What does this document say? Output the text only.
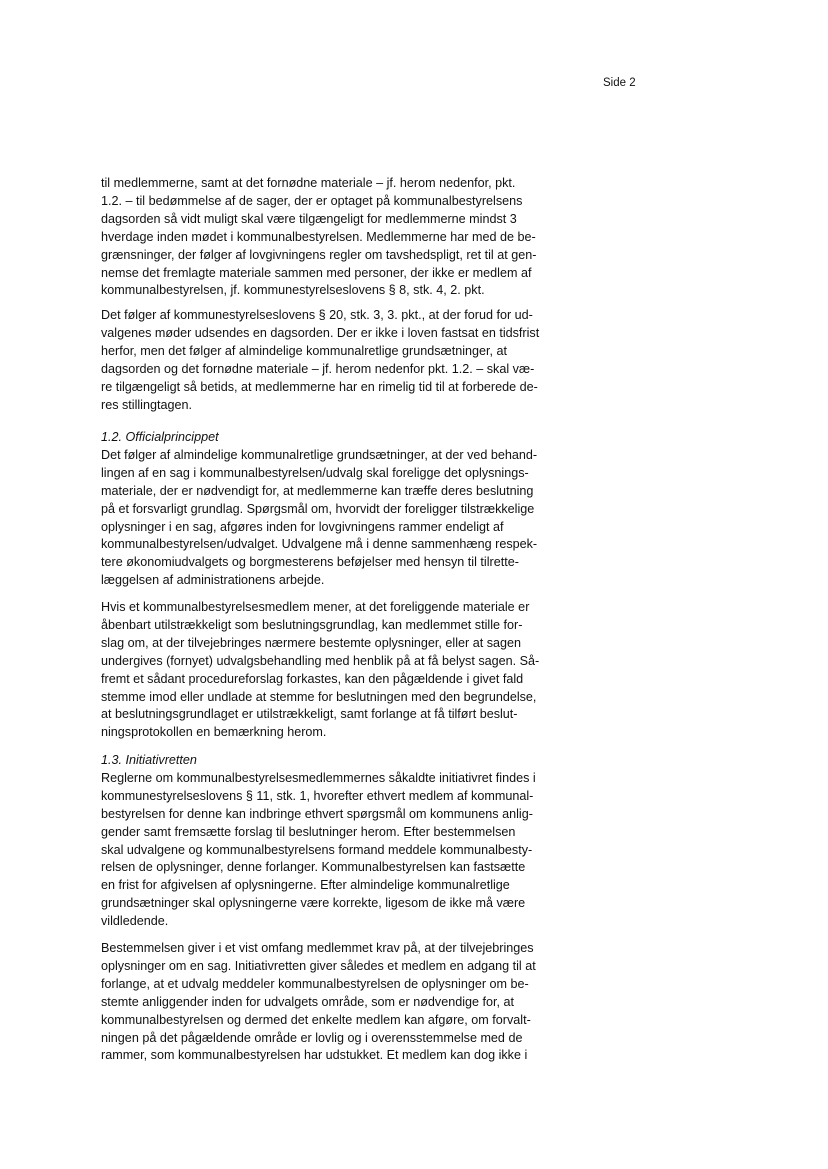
Side 2
til medlemmerne, samt at det fornødne materiale – jf. herom nedenfor, pkt.
1.2. – til bedømmelse af de sager, der er optaget på kommunalbestyrelsens
dagsorden så vidt muligt skal være tilgængeligt for medlemmerne mindst 3
hverdage inden mødet i kommunalbestyrelsen. Medlemmerne har med de be-
grænsninger, der følger af lovgivningens regler om tavshedspligt, ret til at gen-
nemse det fremlagte materiale sammen med personer, der ikke er medlem af
kommunalbestyrelsen, jf. kommunestyrelseslovens § 8, stk. 4, 2. pkt.
Det følger af kommunestyrelseslovens § 20, stk. 3, 3. pkt., at der forud for ud-
valgenes møder udsendes en dagsorden. Der er ikke i loven fastsat en tidsfrist
herfor, men det følger af almindelige kommunalretlige grundsætninger, at
dagsorden og det fornødne materiale – jf. herom nedenfor pkt. 1.2. – skal væ-
re tilgængeligt så betids, at medlemmerne har en rimelig tid til at forberede de-
res stillingtagen.
1.2. Officialprincippet
Det følger af almindelige kommunalretlige grundsætninger, at der ved behand-
lingen af en sag i kommunalbestyrelsen/udvalg skal foreligge det oplysnings-
materiale, der er nødvendigt for, at medlemmerne kan træffe deres beslutning
på et forsvarligt grundlag. Spørgsmål om, hvorvidt der foreligger tilstrækkelige
oplysninger i en sag, afgøres inden for lovgivningens rammer endeligt af
kommunalbestyrelsen/udvalget. Udvalgene må i denne sammenhæng respek-
tere økonomiudvalgets og borgmesterens beføjelser med hensyn til tilrette-
læggelsen af administrationens arbejde.
Hvis et kommunalbestyrelsesmedlem mener, at det foreliggende materiale er
åbenbart utilstrækkeligt som beslutningsgrundlag, kan medlemmet stille for-
slag om, at der tilvejebringes nærmere bestemte oplysninger, eller at sagen
undergives (fornyet) udvalgsbehandling med henblik på at få belyst sagen. Så-
fremt et sådant procedureforslag forkastes, kan den pågældende i givet fald
stemme imod eller undlade at stemme for beslutningen med den begrundelse,
at beslutningsgrundlaget er utilstrækkeligt, samt forlange at få tilført beslut-
ningsprotokollen en bemærkning herom.
1.3. Initiativretten
Reglerne om kommunalbestyrelsesmedlemmernes såkaldte initiativret findes i
kommunestyrelseslovens § 11, stk. 1, hvorefter ethvert medlem af kommunal-
bestyrelsen for denne kan indbringe ethvert spørgsmål om kommunens anlig-
gender samt fremsætte forslag til beslutninger herom. Efter bestemmelsen
skal udvalgene og kommunalbestyrelsens formand meddele kommunalbesty-
relsen de oplysninger, denne forlanger. Kommunalbestyrelsen kan fastsætte
en frist for afgivelsen af oplysningerne. Efter almindelige kommunalretlige
grundsætninger skal oplysningerne være korrekte, ligesom de ikke må være
vildledende.
Bestemmelsen giver i et vist omfang medlemmet krav på, at der tilvejebringes
oplysninger om en sag. Initiativretten giver således et medlem en adgang til at
forlange, at et udvalg meddeler kommunalbestyrelsen de oplysninger om be-
stemte anliggender inden for udvalgets område, som er nødvendige for, at
kommunalbestyrelsen og dermed det enkelte medlem kan afgøre, om forvalt-
ningen på det pågældende område er lovlig og i overensstemmelse med de
rammer, som kommunalbestyrelsen har udstukket. Et medlem kan dog ikke i
